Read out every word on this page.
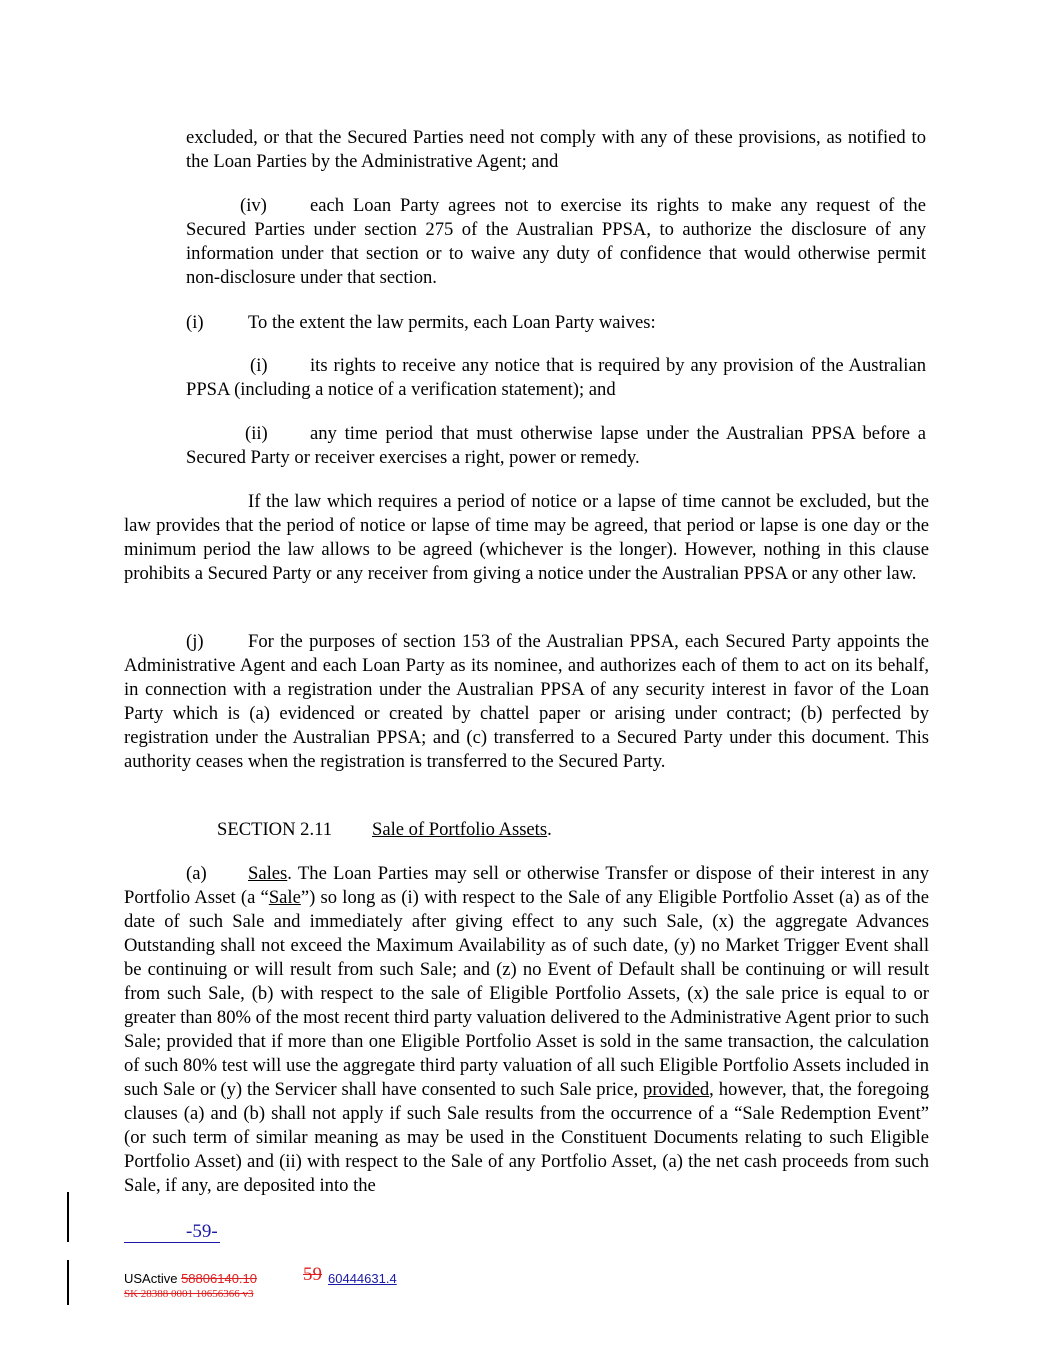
excluded, or that the Secured Parties need not comply with any of these provisions, as notified to the Loan Parties by the Administrative Agent; and

(iv) each Loan Party agrees not to exercise its rights to make any request of the Secured Parties under section 275 of the Australian PPSA, to authorize the disclosure of any information under that section or to waive any duty of confidence that would otherwise permit non-disclosure under that section.

(i) To the extent the law permits, each Loan Party waives:

(i) its rights to receive any notice that is required by any provision of the Australian PPSA (including a notice of a verification statement); and

(ii) any time period that must otherwise lapse under the Australian PPSA before a Secured Party or receiver exercises a right, power or remedy.

If the law which requires a period of notice or a lapse of time cannot be excluded, but the law provides that the period of notice or lapse of time may be agreed, that period or lapse is one day or the minimum period the law allows to be agreed (whichever is the longer). However, nothing in this clause prohibits a Secured Party or any receiver from giving a notice under the Australian PPSA or any other law.

(j) For the purposes of section 153 of the Australian PPSA, each Secured Party appoints the Administrative Agent and each Loan Party as its nominee, and authorizes each of them to act on its behalf, in connection with a registration under the Australian PPSA of any security interest in favor of the Loan Party which is (a) evidenced or created by chattel paper or arising under contract; (b) perfected by registration under the Australian PPSA; and (c) transferred to a Secured Party under this document. This authority ceases when the registration is transferred to the Secured Party.

SECTION 2.11 Sale of Portfolio Assets.

(a) Sales. The Loan Parties may sell or otherwise Transfer or dispose of their interest in any Portfolio Asset (a “Sale”) so long as (i) with respect to the Sale of any Eligible Portfolio Asset (a) as of the date of such Sale and immediately after giving effect to any such Sale, (x) the aggregate Advances Outstanding shall not exceed the Maximum Availability as of such date, (y) no Market Trigger Event shall be continuing or will result from such Sale; and (z) no Event of Default shall be continuing or will result from such Sale, (b) with respect to the sale of Eligible Portfolio Assets, (x) the sale price is equal to or greater than 80% of the most recent third party valuation delivered to the Administrative Agent prior to such Sale; provided that if more than one Eligible Portfolio Asset is sold in the same transaction, the calculation of such 80% test will use the aggregate third party valuation of all such Eligible Portfolio Assets included in such Sale or (y) the Servicer shall have consented to such Sale price, provided, however, that, the foregoing clauses (a) and (b) shall not apply if such Sale results from the occurrence of a “Sale Redemption Event” (or such term of similar meaning as may be used in the Constituent Documents relating to such Eligible Portfolio Asset) and (ii) with respect to the Sale of any Portfolio Asset, (a) the net cash proceeds from such Sale, if any, are deposited into the

-59-
USActive 58806140.10 59 60444631.4
SK 28388 0001 10656366 v3
